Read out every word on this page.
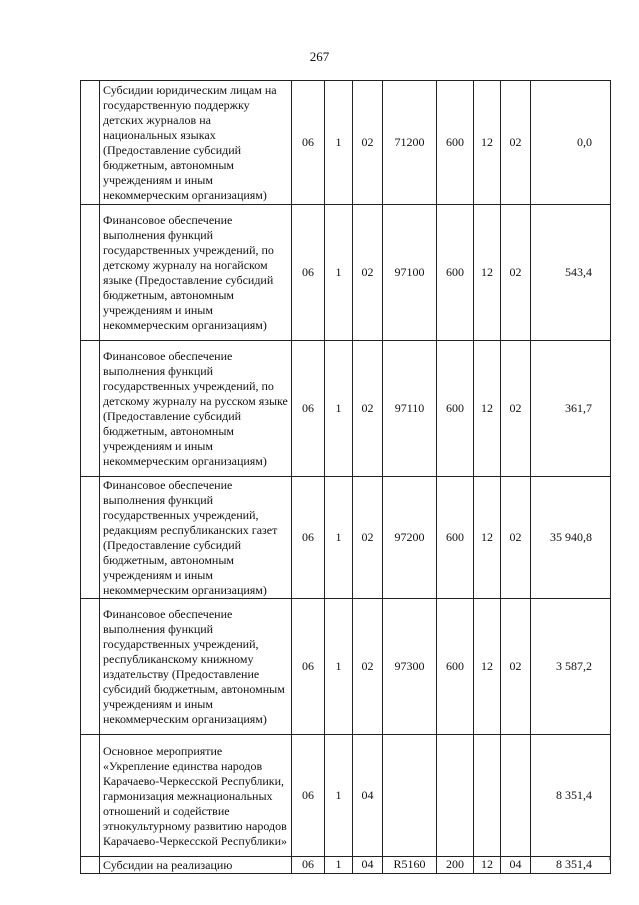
267
	Субсидии юридическим лицам на государственную поддержку детских журналов на национальных языках (Предоставление субсидий бюджетным, автономным учреждениям и иным некоммерческим организациям)	06	1	02	71200	600	12	02	0,0
	Финансовое обеспечение выполнения функций государственных учреждений, по детскому журналу на ногайском языке (Предоставление субсидий бюджетным, автономным учреждениям и иным некоммерческим организациям)	06	1	02	97100	600	12	02	543,4
	Финансовое обеспечение выполнения функций государственных учреждений, по детскому журналу на русском языке (Предоставление субсидий бюджетным, автономным учреждениям и иным некоммерческим организациям)	06	1	02	97110	600	12	02	361,7
	Финансовое обеспечение выполнения функций государственных учреждений, редакциям республиканских газет (Предоставление субсидий бюджетным, автономным учреждениям и иным некоммерческим организациям)	06	1	02	97200	600	12	02	35 940,8
	Финансовое обеспечение выполнения функций государственных учреждений, республиканскому книжному издательству (Предоставление субсидий бюджетным, автономным учреждениям и иным некоммерческим организациям)	06	1	02	97300	600	12	02	3 587,2
	Основное мероприятие «Укрепление единства народов Карачаево-Черкесской Республики, гармонизация межнациональных отношений и содействие этнокультурному развитию народов Карачаево-Черкесской Республики»	06	1	04					8 351,4
	Субсидии на реализацию	06	1	04	R5160	200	12	04	8 351,4 ›
